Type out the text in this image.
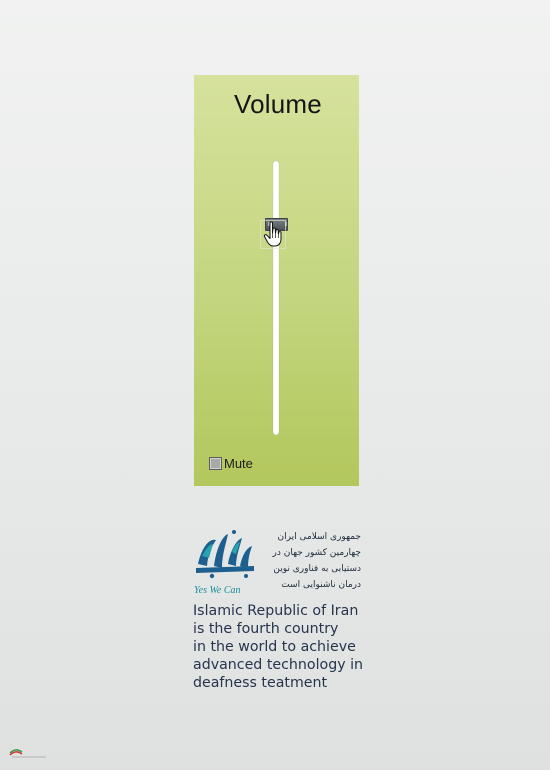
Volume
Mute
Yes We Can
جمهوری اسلامی ایران
چهارمین کشور جهان در
دستیابی به فناوری نوین
درمان ناشنوایی است
Islamic Republic of Iran
is the fourth country
in the world to achieve
advanced technology in
deafness teatment
